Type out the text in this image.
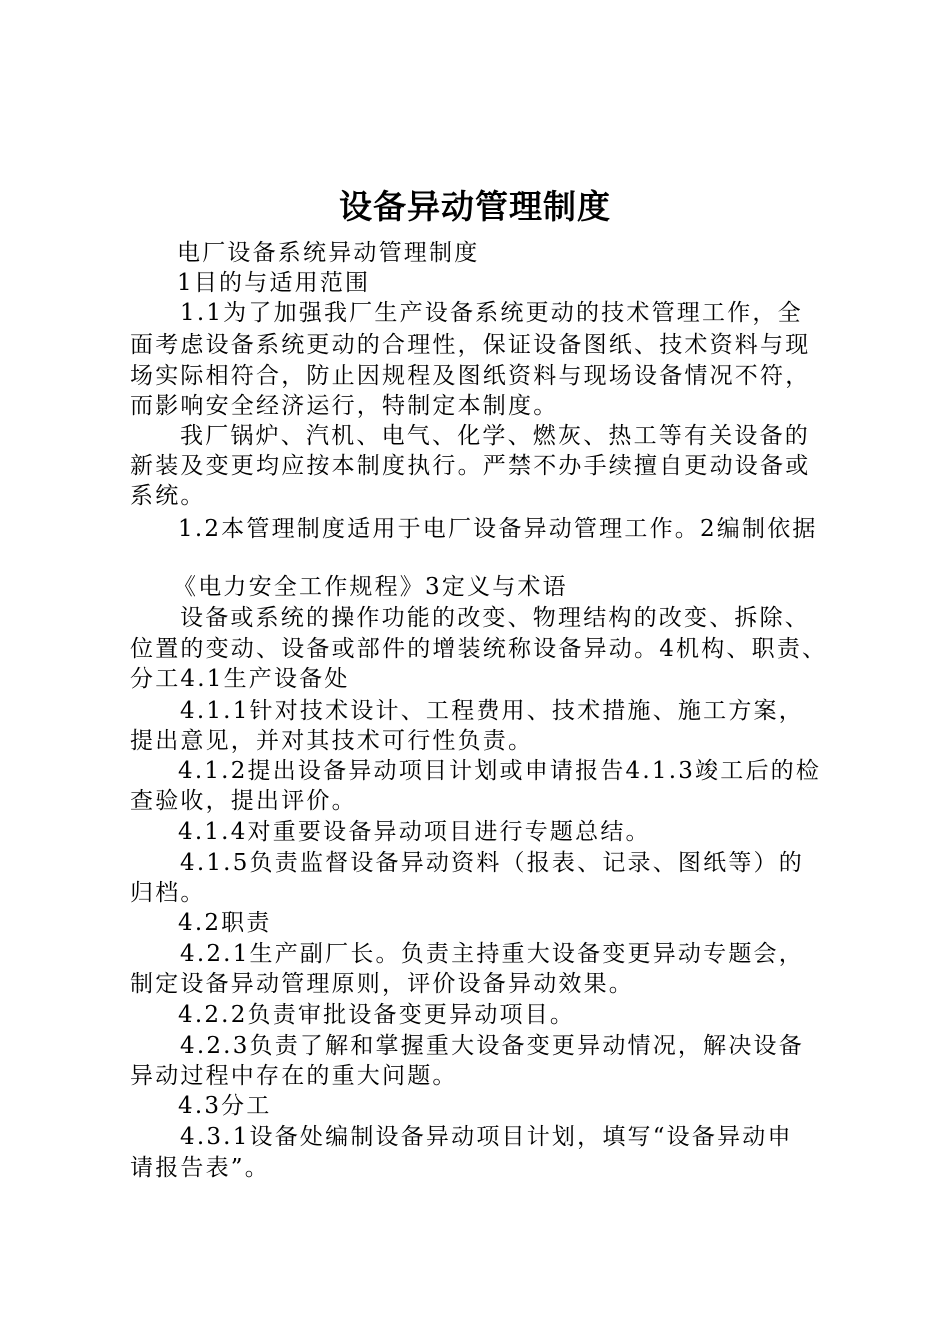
设备异动管理制度
电厂设备系统异动管理制度
1目的与适用范围
1.1为了加强我厂生产设备系统更动的技术管理工作，全
面考虑设备系统更动的合理性，保证设备图纸、技术资料与现
场实际相符合，防止因规程及图纸资料与现场设备情况不符，
而影响安全经济运行，特制定本制度。
我厂锅炉、汽机、电气、化学、燃灰、热工等有关设备的
新装及变更均应按本制度执行。严禁不办手续擅自更动设备或
系统。
1.2本管理制度适用于电厂设备异动管理工作。2编制依据
《电力安全工作规程》3定义与术语
设备或系统的操作功能的改变、物理结构的改变、拆除、
位置的变动、设备或部件的增装统称设备异动。4机构、职责、
分工4.1生产设备处
4.1.1针对技术设计、工程费用、技术措施、施工方案，
提出意见，并对其技术可行性负责。
4.1.2提出设备异动项目计划或申请报告4.1.3竣工后的检
查验收，提出评价。
4.1.4对重要设备异动项目进行专题总结。
4.1.5负责监督设备异动资料（报表、记录、图纸等）的
归档。
4.2职责
4.2.1生产副厂长。负责主持重大设备变更异动专题会，
制定设备异动管理原则，评价设备异动效果。
4.2.2负责审批设备变更异动项目。
4.2.3负责了解和掌握重大设备变更异动情况，解决设备
异动过程中存在的重大问题。
4.3分工
4.3.1设备处编制设备异动项目计划，填写“设备异动申
请报告表”。
